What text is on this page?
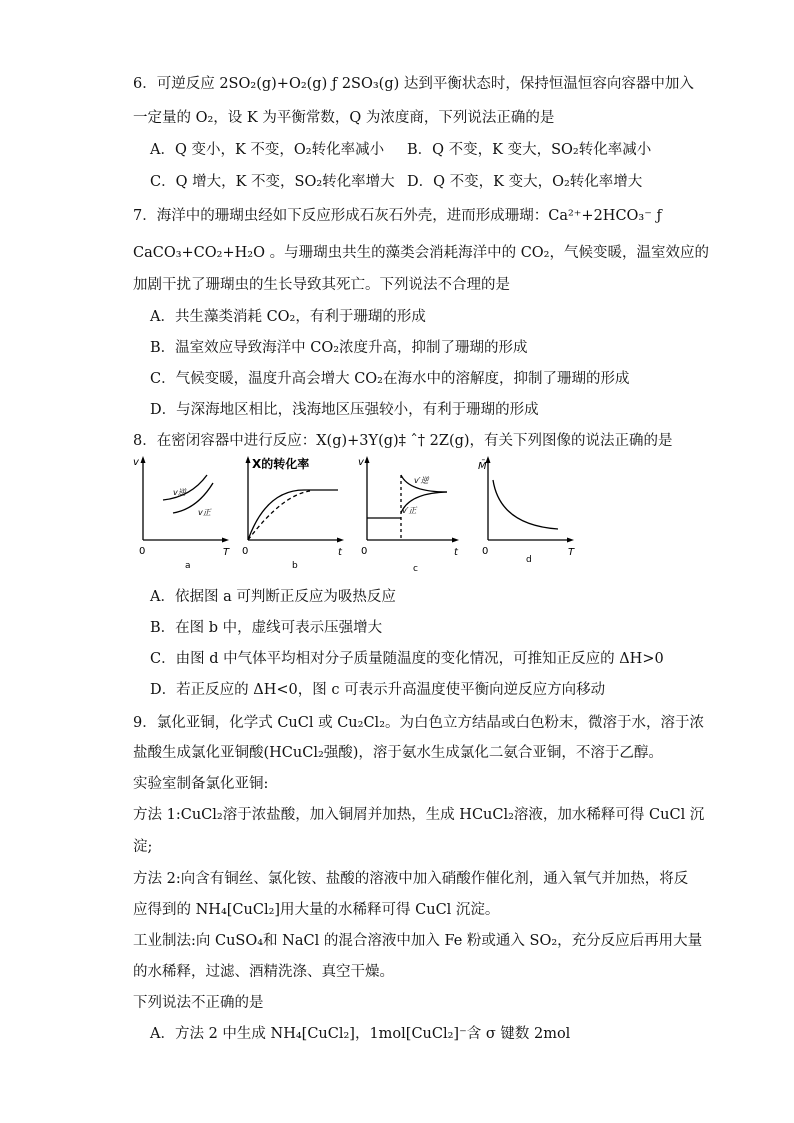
6．可逆反应 2SO₂(g)+O₂(g) ƒ 2SO₃(g) 达到平衡状态时，保持恒温恒容向容器中加入
一定量的 O₂，设 K 为平衡常数，Q 为浓度商，下列说法正确的是
A．Q 变小，K 不变，O₂转化率减小 B．Q 不变，K 变大，SO₂转化率减小
C．Q 增大，K 不变，SO₂转化率增大 D．Q 不变，K 变大，O₂转化率增大
7．海洋中的珊瑚虫经如下反应形成石灰石外壳，进而形成珊瑚：Ca²⁺+2HCO₃⁻ ƒ
CaCO₃+CO₂+H₂O 。与珊瑚虫共生的藻类会消耗海洋中的 CO₂，气候变暖，温室效应的
加剧干扰了珊瑚虫的生长导致其死亡。下列说法不合理的是
A．共生藻类消耗 CO₂，有利于珊瑚的形成
B．温室效应导致海洋中 CO₂浓度升高，抑制了珊瑚的形成
C．气候变暖，温度升高会增大 CO₂在海水中的溶解度，抑制了珊瑚的形成
D．与深海地区相比，浅海地区压强较小，有利于珊瑚的形成
8．在密闭容器中进行反应：X(g)+3Y(g)‡ ˆ† 2Z(g)，有关下列图像的说法正确的是
v
T
0
v逆
v正
a
X的转化率
t
0
b
v
t
0
v′逆
v′正
c
M̄
T
0
d
A．依据图 a 可判断正反应为吸热反应
B．在图 b 中，虚线可表示压强增大
C．由图 d 中气体平均相对分子质量随温度的变化情况，可推知正反应的 ΔH>0
D．若正反应的 ΔH<0，图 c 可表示升高温度使平衡向逆反应方向移动
9．氯化亚铜，化学式 CuCl 或 Cu₂Cl₂。为白色立方结晶或白色粉末，微溶于水，溶于浓
盐酸生成氯化亚铜酸(HCuCl₂强酸)，溶于氨水生成氯化二氨合亚铜，不溶于乙醇。
实验室制备氯化亚铜:
方法 1:CuCl₂溶于浓盐酸，加入铜屑并加热，生成 HCuCl₂溶液，加水稀释可得 CuCl 沉
淀;
方法 2:向含有铜丝、氯化铵、盐酸的溶液中加入硝酸作催化剂，通入氧气并加热，将反
应得到的 NH₄[CuCl₂]用大量的水稀释可得 CuCl 沉淀。
工业制法:向 CuSO₄和 NaCl 的混合溶液中加入 Fe 粉或通入 SO₂，充分反应后再用大量
的水稀释，过滤、酒精洗涤、真空干燥。
下列说法不正确的是
A．方法 2 中生成 NH₄[CuCl₂]，1mol[CuCl₂]⁻含 σ 键数 2mol
